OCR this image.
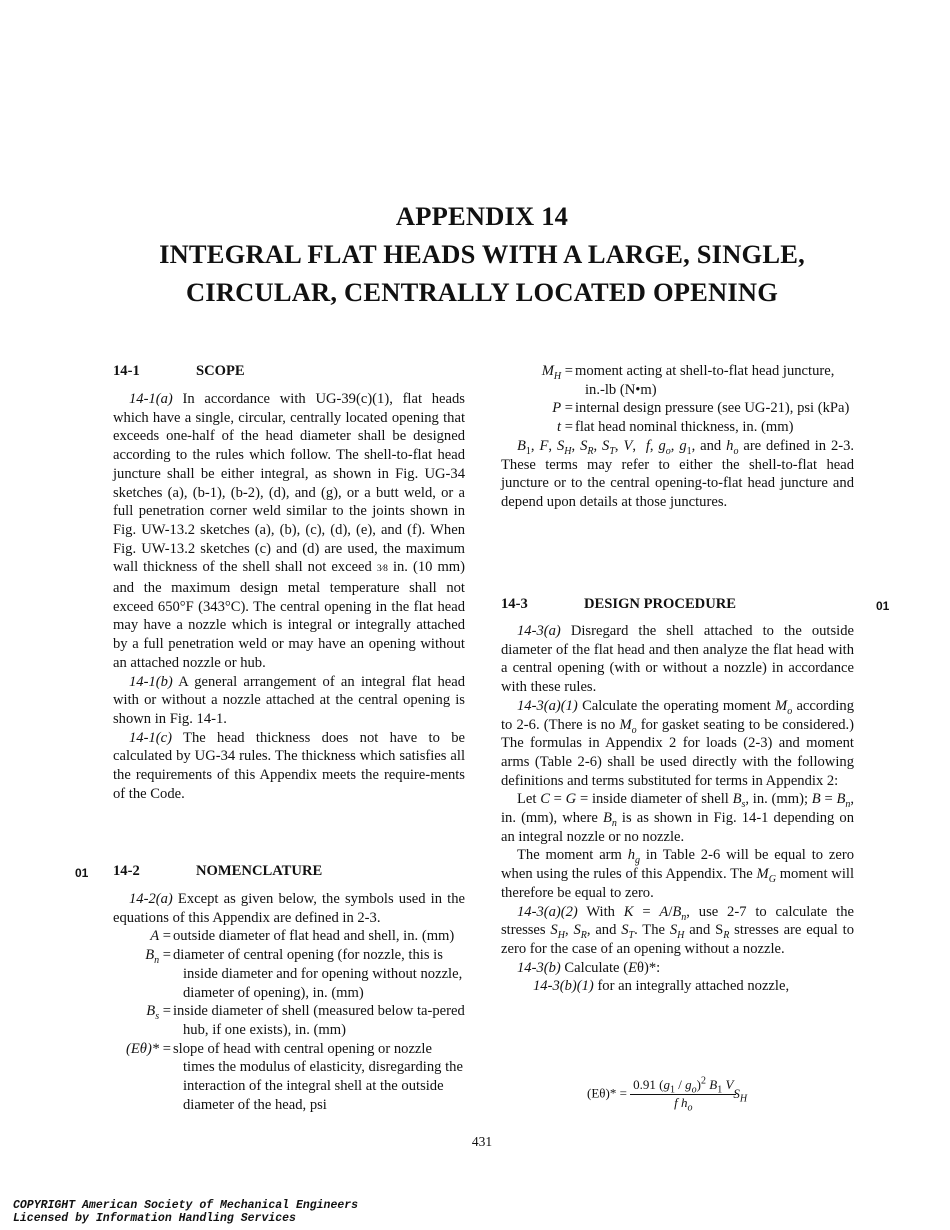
APPENDIX 14
INTEGRAL FLAT HEADS WITH A LARGE, SINGLE,
CIRCULAR, CENTRALLY LOCATED OPENING
14-1	SCOPE

14-1(a) In accordance with UG-39(c)(1), flat heads which have a single, circular, centrally located opening that exceeds one-half of the head diameter shall be designed according to the rules which follow. The shell-to-flat head juncture shall be either integral, as shown in Fig. UG-34 sketches (a), (b-1), (b-2), (d), and (g), or a butt weld, or a full penetration corner weld similar to the joints shown in Fig. UW-13.2 sketches (a), (b), (c), (d), (e), and (f). When Fig. UW-13.2 sketches (c) and (d) are used, the maximum wall thickness of the shell shall not exceed 3⁄8 in. (10 mm) and the maximum design metal temperature shall not exceed 650°F (343°C). The central opening in the flat head may have a nozzle which is integral or integrally attached by a full penetration weld or may have an opening without an attached nozzle or hub.

14-1(b) A general arrangement of an integral flat head with or without a nozzle attached at the central opening is shown in Fig. 14-1.

14-1(c) The head thickness does not have to be calculated by UG-34 rules. The thickness which satisfies all the requirements of this Appendix meets the require-ments of the Code.

01 14-2	NOMENCLATURE

14-2(a) Except as given below, the symbols used in the equations of this Appendix are defined in 2-3.

A =	outside diameter of flat head and shell, in. (mm)
$B_n$ =	diameter of central opening (for nozzle, this is inside diameter and for opening without nozzle, diameter of opening), in. (mm)
$B_s$ =	inside diameter of shell (measured below ta-pered hub, if one exists), in. (mm)
(Eθ)* =	slope of head with central opening or nozzle times the modulus of elasticity, disregarding the interaction of the integral shell at the outside diameter of the head, psi
$M_H$ =	moment acting at shell-to-flat head juncture, in.-lb (N•m)
P =	internal design pressure (see UG-21), psi (kPa)
t =	flat head nominal thickness, in. (mm)

$B_1$, F, $S_H$, $S_R$, $S_T$, V,  f, $g_o$, $g_1$, and $h_o$ are defined in 2-3. These terms may refer to either the shell-to-flat head juncture or to the central opening-to-flat head juncture and depend upon details at those junctures.

14-3	DESIGN PROCEDURE	01

14-3(a) Disregard the shell attached to the outside diameter of the flat head and then analyze the flat head with a central opening (with or without a nozzle) in accordance with these rules.

14-3(a)(1) Calculate the operating moment $M_o$ according to 2-6. (There is no $M_o$ for gasket seating to be considered.) The formulas in Appendix 2 for loads (2-3) and moment arms (Table 2-6) shall be used directly with the following definitions and terms substituted for terms in Appendix 2:

Let C = G = inside diameter of shell $B_s$, in. (mm); $B = B_n$, in. (mm), where $B_n$ is as shown in Fig. 14-1 depending on an integral nozzle or no nozzle.

The moment arm $h_g$ in Table 2-6 will be equal to zero when using the rules of this Appendix. The $M_G$ moment will therefore be equal to zero.

14-3(a)(2) With $K = A/B_n$, use 2-7 to calculate the stresses $S_H$, $S_R$, and $S_T$. The $S_H$ and $S_R$ stresses are equal to zero for the case of an opening without a nozzle.

14-3(b) Calculate (Eθ)*:

14-3(b)(1) for an integrally attached nozzle,

$(E\theta)* = \frac{0.91 (g_1 / g_o)^2 B_1 V}{f h_o}$
$S_H$
431
COPYRIGHT American Society of Mechanical Engineers
Licensed by Information Handling Services
